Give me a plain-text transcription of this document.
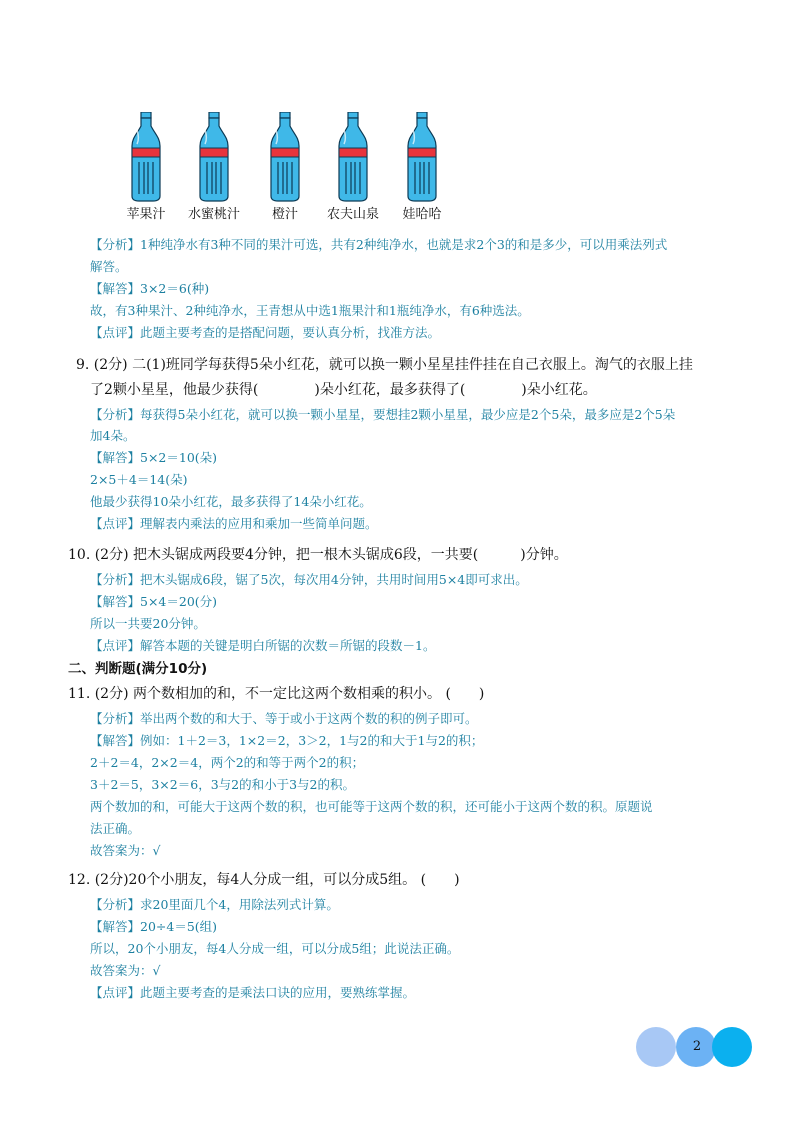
苹果汁	水蜜桃汁	橙汁	农夫山泉	娃哈哈
【分析】1种纯净水有3种不同的果汁可选，共有2种纯净水，也就是求2个3的和是多少，可以用乘法列式
解答。
【解答】3×2＝6(种)
故，有3种果汁、2种纯净水，王青想从中选1瓶果汁和1瓶纯净水，有6种选法。
【点评】此题主要考查的是搭配问题，要认真分析，找准方法。
9. (2分) 二(1)班同学每获得5朵小红花，就可以换一颗小星星挂件挂在自己衣服上。淘气的衣服上挂
了2颗小星星，他最少获得(　　　　)朵小红花，最多获得了(　　　　)朵小红花。
【分析】每获得5朵小红花，就可以换一颗小星星，要想挂2颗小星星，最少应是2个5朵，最多应是2个5朵
加4朵。
【解答】5×2＝10(朵)
2×5＋4＝14(朵)
他最少获得10朵小红花，最多获得了14朵小红花。
【点评】理解表内乘法的应用和乘加一些简单问题。
10. (2分) 把木头锯成两段要4分钟，把一根木头锯成6段，一共要(　　　)分钟。
【分析】把木头锯成6段，锯了5次，每次用4分钟，共用时间用5×4即可求出。
【解答】5×4＝20(分)
所以一共要20分钟。
【点评】解答本题的关键是明白所锯的次数＝所锯的段数－1。
二、判断题(满分10分)
11. (2分) 两个数相加的和，不一定比这两个数相乘的积小。 (　　)
【分析】举出两个数的和大于、等于或小于这两个数的积的例子即可。
【解答】例如：1＋2＝3，1×2＝2，3＞2，1与2的和大于1与2的积；
2＋2＝4，2×2＝4，两个2的和等于两个2的积；
3＋2＝5，3×2＝6，3与2的和小于3与2的积。
两个数加的和，可能大于这两个数的积，也可能等于这两个数的积，还可能小于这两个数的积。原题说
法正确。
故答案为：√
12. (2分)20个小朋友，每4人分成一组，可以分成5组。 (　　)
【分析】求20里面几个4，用除法列式计算。
【解答】20÷4＝5(组)
所以，20个小朋友，每4人分成一组，可以分成5组；此说法正确。
故答案为：√
【点评】此题主要考查的是乘法口诀的应用，要熟练掌握。
2
